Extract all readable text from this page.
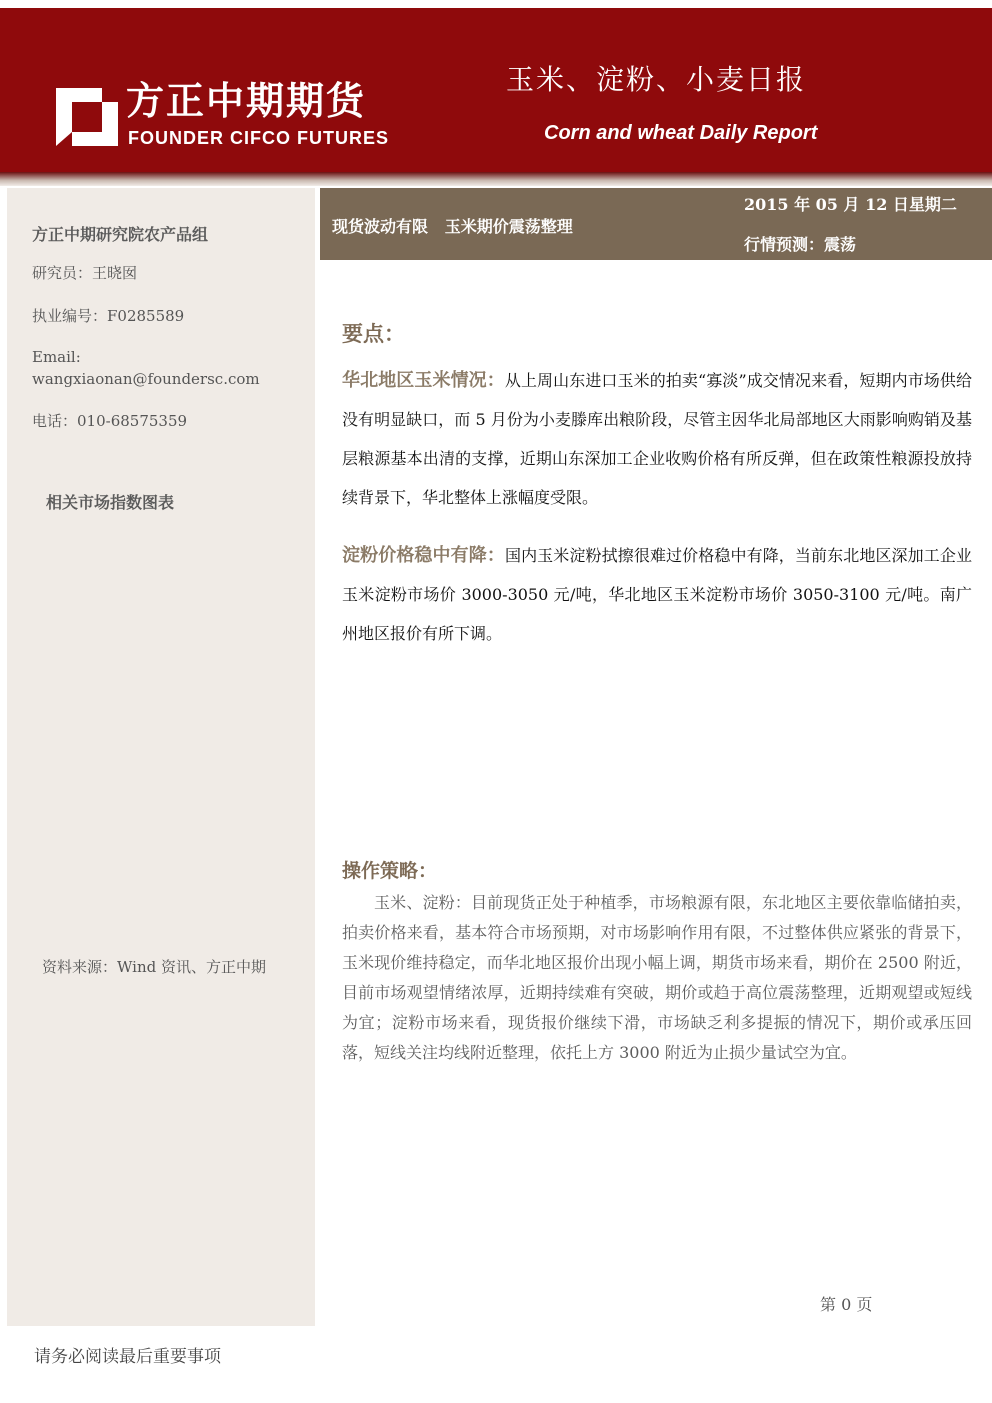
方正中期期货
FOUNDER CIFCO FUTURES
玉米、淀粉、小麦日报
Corn and wheat Daily Report
方正中期研究院农产品组
研究员：王晓囡
执业编号：F0285589
Email:
wangxiaonan@foundersc.com
电话：010-68575359
相关市场指数图表
资料来源：Wind 资讯、方正中期
现货波动有限   玉米期价震荡整理
2015 年 05 月 12 日星期二
行情预测：震荡
要点：
华北地区玉米情况：从上周山东进口玉米的拍卖“寡淡”成交情况来看，短期内市场供给没有明显缺口，而 5 月份为小麦滕库出粮阶段，尽管主因华北局部地区大雨影响购销及基层粮源基本出清的支撑，近期山东深加工企业收购价格有所反弹，但在政策性粮源投放持续背景下，华北整体上涨幅度受限。
淀粉价格稳中有降：国内玉米淀粉拭擦很难过价格稳中有降，当前东北地区深加工企业玉米淀粉市场价 3000-3050 元/吨，华北地区玉米淀粉市场价 3050-3100 元/吨。南广州地区报价有所下调。
操作策略：
玉米、淀粉：目前现货正处于种植季，市场粮源有限，东北地区主要依靠临储拍卖，拍卖价格来看，基本符合市场预期，对市场影响作用有限，不过整体供应紧张的背景下，玉米现价维持稳定，而华北地区报价出现小幅上调，期货市场来看，期价在 2500 附近，目前市场观望情绪浓厚，近期持续难有突破，期价或趋于高位震荡整理，近期观望或短线为宜；淀粉市场来看，现货报价继续下滑，市场缺乏利多提振的情况下，期价或承压回落，短线关注均线附近整理，依托上方 3000 附近为止损少量试空为宜。
第 0 页
请务必阅读最后重要事项
